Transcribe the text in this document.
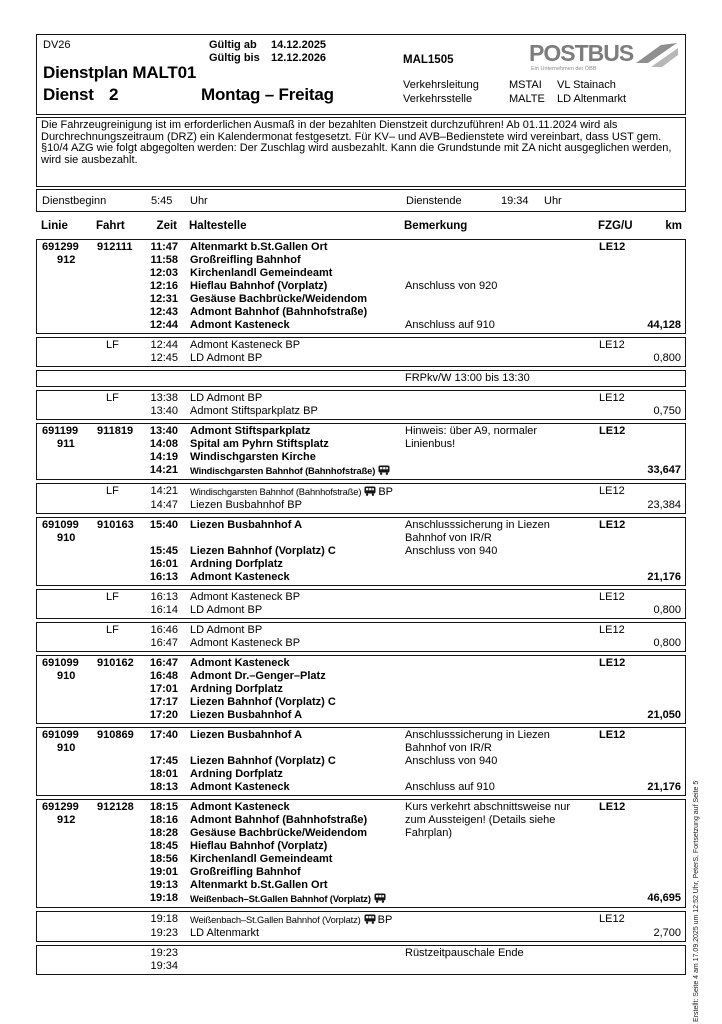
DV26	Gültig ab 14.12.2025
Gültig bis 12.12.2026	MAL1505	POSTBUS
Ein Unternehmen der ÖBB
Dienstplan MALT01
Dienst 2	Montag – Freitag	Verkehrsleitung	MSTAI VL Stainach
Verkehrsstelle	MALTE LD Altenmarkt
Die Fahrzeugreinigung ist im erforderlichen Ausmaß in der bezahlten Dienstzeit durchzuführen! Ab 01.11.2024 wird als Durchrechnungszeitraum (DRZ) ein Kalendermonat festgesetzt. Für KV– und AVB–Bedienstete wird vereinbart, dass UST gem. §10/4 AZG wie folgt abgegolten werden: Der Zuschlag wird ausbezahlt. Kann die Grundstunde mit ZA nicht ausgeglichen werden, wird sie ausbezahlt.
Dienstbeginn	5:45 Uhr	Dienstende	19:34 Uhr
Linie	Fahrt	Zeit	Haltestelle	Bemerkung	FZG/U	km
691299	912111	11:47	Altenmarkt b.St.Gallen Ort	LE12
912	11:58	Großreifling Bahnhof
12:03	Kirchenlandl Gemeindeamt
12:16	Hieflau Bahnhof (Vorplatz)	Anschluss von 920
12:31	Gesäuse Bachbrücke/Weidendom
12:43	Admont Bahnhof (Bahnhofstraße)
12:44	Admont Kasteneck	Anschluss auf 910	44,128
LF	12:44	Admont Kasteneck BP	LE12
12:45	LD Admont BP	0,800
FRPkv/W 13:00 bis 13:30
LF	13:38	LD Admont BP	LE12
13:40	Admont Stiftsparkplatz BP	0,750
691199	911819	13:40	Admont Stiftsparkplatz	Hinweis: über A9, normaler	LE12
911	14:08	Spital am Pyhrn Stiftsplatz	Linienbus!
14:19	Windischgarsten Kirche
14:21	Windischgarsten Bahnhof (Bahnhofstraße)	33,647
LF	14:21	Windischgarsten Bahnhof (Bahnhofstraße) BP	LE12
14:47	Liezen Busbahnhof BP	23,384
691099	910163	15:40	Liezen Busbahnhof A	Anschlusssicherung in Liezen	LE12
910	Bahnhof von IR/R
15:45	Liezen Bahnhof (Vorplatz) C	Anschluss von 940
16:01	Ardning Dorfplatz
16:13	Admont Kasteneck	21,176
LF	16:13	Admont Kasteneck BP	LE12
16:14	LD Admont BP	0,800
LF	16:46	LD Admont BP	LE12
16:47	Admont Kasteneck BP	0,800
691099	910162	16:47	Admont Kasteneck	LE12
910	16:48	Admont Dr.–Genger–Platz
17:01	Ardning Dorfplatz
17:17	Liezen Bahnhof (Vorplatz) C
17:20	Liezen Busbahnhof A	21,050
691099	910869	17:40	Liezen Busbahnhof A	Anschlusssicherung in Liezen	LE12
910	Bahnhof von IR/R
17:45	Liezen Bahnhof (Vorplatz) C	Anschluss von 940
18:01	Ardning Dorfplatz
18:13	Admont Kasteneck	Anschluss auf 910	21,176
691299	912128	18:15	Admont Kasteneck	Kurs verkehrt abschnittsweise nur	LE12
912	18:16	Admont Bahnhof (Bahnhofstraße)	zum Aussteigen! (Details siehe
18:28	Gesäuse Bachbrücke/Weidendom	Fahrplan)
18:45	Hieflau Bahnhof (Vorplatz)
18:56	Kirchenlandl Gemeindeamt
19:01	Großreifling Bahnhof
19:13	Altenmarkt b.St.Gallen Ort
19:18	Weißenbach–St.Gallen Bahnhof (Vorplatz)	46,695
19:18	Weißenbach–St.Gallen Bahnhof (Vorplatz) BP	LE12
19:23	LD Altenmarkt	2,700
19:23	Rüstzeitpauschale Ende
19:34	Erstellt: Seite 4 am 17.09.2025 um 12:52 Uhr, PeterS, Fortsetzung auf Seite 5
